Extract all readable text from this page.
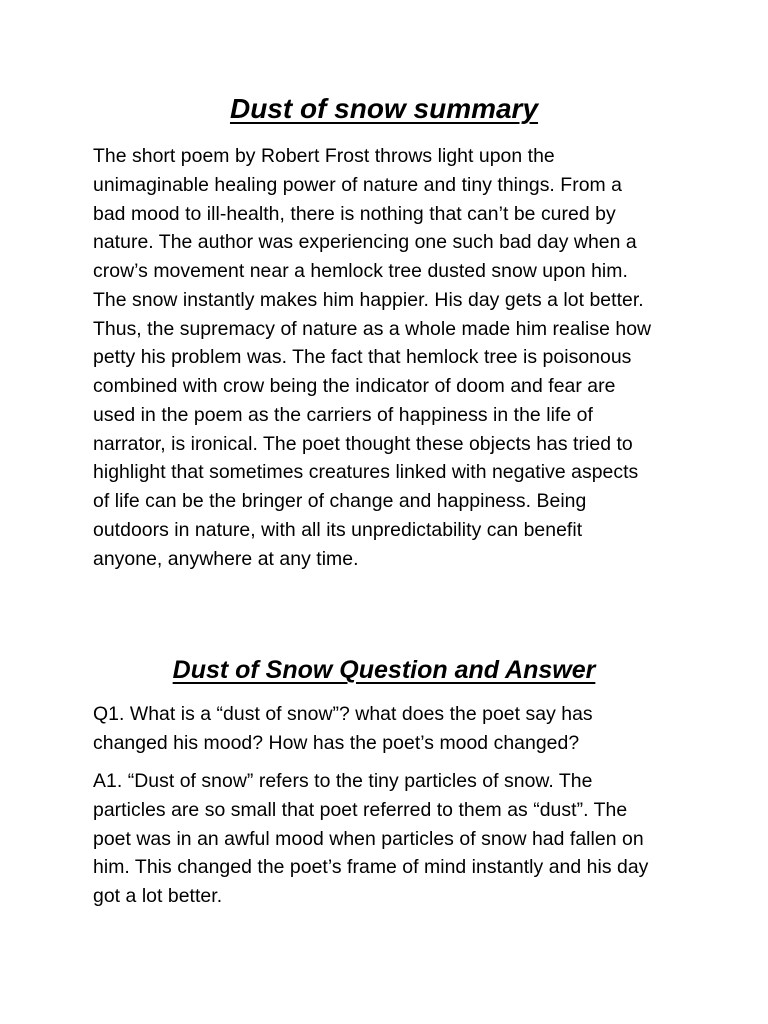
Dust of snow summary

The short poem by Robert Frost throws light upon the unimaginable healing power of nature and tiny things. From a bad mood to ill-health, there is nothing that can’t be cured by nature. The author was experiencing one such bad day when a crow’s movement near a hemlock tree dusted snow upon him. The snow instantly makes him happier. His day gets a lot better. Thus, the supremacy of nature as a whole made him realise how petty his problem was. The fact that hemlock tree is poisonous combined with crow being the indicator of doom and fear are used in the poem as the carriers of happiness in the life of narrator, is ironical. The poet thought these objects has tried to highlight that sometimes creatures linked with negative aspects of life can be the bringer of change and happiness. Being outdoors in nature, with all its unpredictability can benefit anyone, anywhere at any time.

Dust of Snow Question and Answer

Q1. What is a “dust of snow”? what does the poet say has changed his mood? How has the poet’s mood changed?

A1. “Dust of snow” refers to the tiny particles of snow. The particles are so small that poet referred to them as “dust”. The poet was in an awful mood when particles of snow had fallen on him. This changed the poet’s frame of mind instantly and his day got a lot better.
